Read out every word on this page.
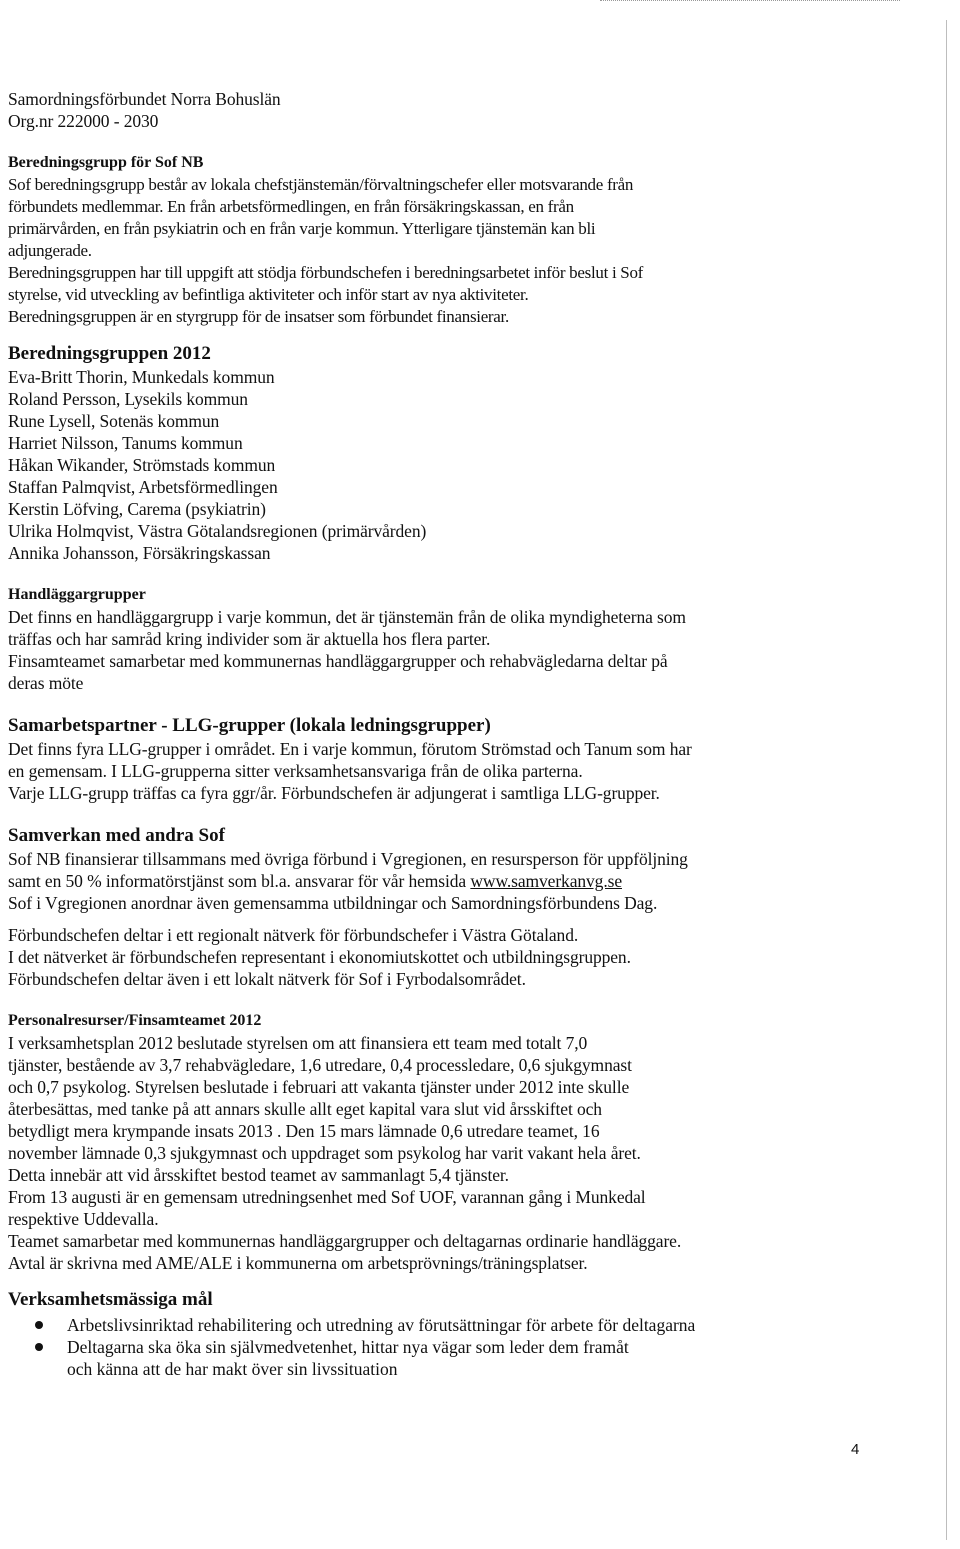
Samordningsförbundet Norra Bohuslän
Org.nr 222000 - 2030
Beredningsgrupp för Sof NB
Sof beredningsgrupp består av lokala chefstjänstemän/förvaltningschefer eller motsvarande från
förbundets medlemmar. En från arbetsförmedlingen, en från försäkringskassan, en från
primärvården, en från psykiatrin och en från varje kommun. Ytterligare tjänstemän kan bli
adjungerade.
Beredningsgruppen har till uppgift att stödja förbundschefen i beredningsarbetet inför beslut i Sof
styrelse, vid utveckling av befintliga aktiviteter och inför start av nya aktiviteter.
Beredningsgruppen är en styrgrupp för de insatser som förbundet finansierar.
Beredningsgruppen 2012
Eva-Britt Thorin, Munkedals kommun
Roland Persson, Lysekils kommun
Rune Lysell, Sotenäs kommun
Harriet Nilsson, Tanums kommun
Håkan Wikander, Strömstads kommun
Staffan Palmqvist, Arbetsförmedlingen
Kerstin Löfving, Carema (psykiatrin)
Ulrika Holmqvist, Västra Götalandsregionen (primärvården)
Annika Johansson, Försäkringskassan
Handläggargrupper
Det finns en handläggargrupp i varje kommun, det är tjänstemän från de olika myndigheterna som
träffas och har samråd kring individer som är aktuella hos flera parter.
Finsamteamet samarbetar med kommunernas handläggargrupper och rehabvägledarna deltar på
deras möte
Samarbetspartner - LLG-grupper (lokala ledningsgrupper)
Det finns fyra LLG-grupper i området. En i varje kommun, förutom Strömstad och Tanum som har
en gemensam. I LLG-grupperna sitter verksamhetsansvariga från de olika parterna.
Varje LLG-grupp träffas ca fyra ggr/år. Förbundschefen är adjungerat i samtliga LLG-grupper.
Samverkan med andra Sof
Sof NB finansierar tillsammans med övriga förbund i Vgregionen, en resursperson för uppföljning
samt en 50 % informatörstjänst som bl.a. ansvarar för vår hemsida www.samverkanvg.se
Sof i Vgregionen anordnar även gemensamma utbildningar och Samordningsförbundens Dag.
Förbundschefen deltar i ett regionalt nätverk för förbundschefer i Västra Götaland.
I det nätverket är förbundschefen representant i ekonomiutskottet och utbildningsgruppen.
Förbundschefen deltar även i ett lokalt nätverk för Sof i Fyrbodalsområdet.
Personalresurser/Finsamteamet 2012
I verksamhetsplan 2012 beslutade styrelsen om att finansiera ett team med totalt 7,0
tjänster, bestående av 3,7 rehabvägledare, 1,6 utredare, 0,4 processledare, 0,6 sjukgymnast
och 0,7 psykolog. Styrelsen beslutade i februari att vakanta tjänster under 2012 inte skulle
återbesättas, med tanke på att annars skulle allt eget kapital vara slut vid årsskiftet och
betydligt mera krympande insats 2013 . Den 15 mars lämnade 0,6 utredare teamet, 16
november lämnade 0,3 sjukgymnast och uppdraget som psykolog har varit vakant hela året.
Detta innebär att vid årsskiftet bestod teamet av sammanlagt 5,4 tjänster.
From 13 augusti är en gemensam utredningsenhet med Sof UOF, varannan gång i Munkedal
respektive Uddevalla.
Teamet samarbetar med kommunernas handläggargrupper och deltagarnas ordinarie handläggare.
Avtal är skrivna med AME/ALE i kommunerna om arbetsprövnings/träningsplatser.
Verksamhetsmässiga mål
Arbetslivsinriktad rehabilitering och utredning av förutsättningar för arbete för deltagarna
Deltagarna ska öka sin självmedvetenhet, hittar nya vägar som leder dem framåt
och känna att de har makt över sin livssituation
4
